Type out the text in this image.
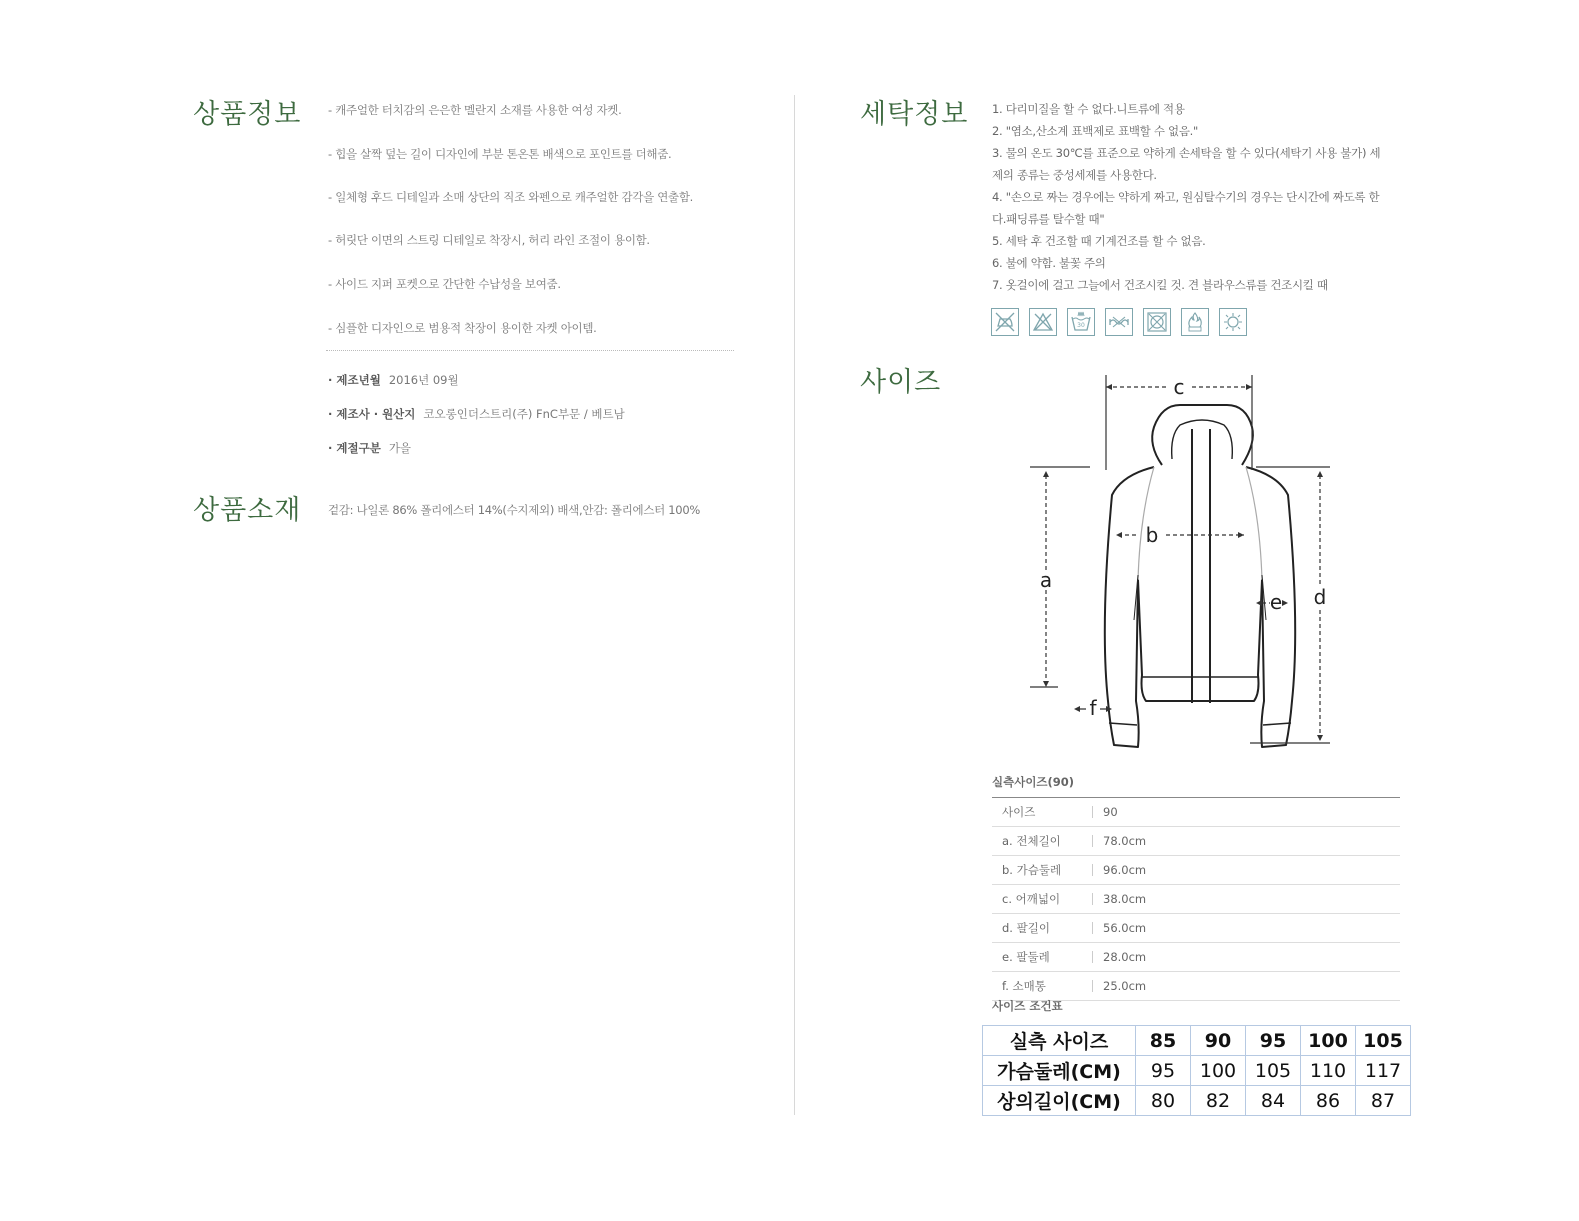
상품정보 - 캐주얼한 터치감의 은은한 멜란지 소재를 사용한 여성 자켓.
- 힙을 살짝 덮는 길이 디자인에 부분 톤온톤 배색으로 포인트를 더해줌.
- 일체형 후드 디테일과 소매 상단의 직조 와펜으로 캐주얼한 감각을 연출함.
- 허릿단 이면의 스트링 디테일로 착장시, 허리 라인 조절이 용이함.
- 사이드 지퍼 포켓으로 간단한 수납성을 보여줌.
- 심플한 디자인으로 범용적 착장이 용이한 자켓 아이템.
· 제조년월 2016년 09월
· 제조사 · 원산지 코오롱인더스트리(주) FnC부문 / 베트남
· 계절구분 가을
상품소재 겉감: 나일론 86% 폴리에스터 14%(수지제외) 배색,안감: 폴리에스터 100%
세탁정보 1. 다리미질을 할 수 없다.니트류에 적용
2. "염소,산소계 표백제로 표백할 수 없음."
3. 물의 온도 30℃를 표준으로 약하게 손세탁을 할 수 있다(세탁기 사용 불가) 세
제의 종류는 중성세제를 사용한다.
4. "손으로 짜는 경우에는 약하게 짜고, 원심탈수기의 경우는 단시간에 짜도록 한
다.패딩류를 탈수할 때"
5. 세탁 후 건조할 때 기계건조를 할 수 없음.
6. 불에 약함. 불꽃 주의
7. 옷걸이에 걸고 그늘에서 건조시킬 것. 견 블라우스류를 건조시킬 때
30
사이즈	c
a
b
d
e
f
실측사이즈(90)
사이즈	90
a. 전체길이	78.0cm
b. 가슴둘레	96.0cm
c. 어깨넓이	38.0cm
d. 팔길이	56.0cm
e. 팔둘레	28.0cm
f. 소매통	25.0cm
사이즈 조건표
실측 사이즈	85	90	95	100	105
가슴둘레(CM)	95	100	105	110	117
상의길이(CM)	80	82	84	86	87
